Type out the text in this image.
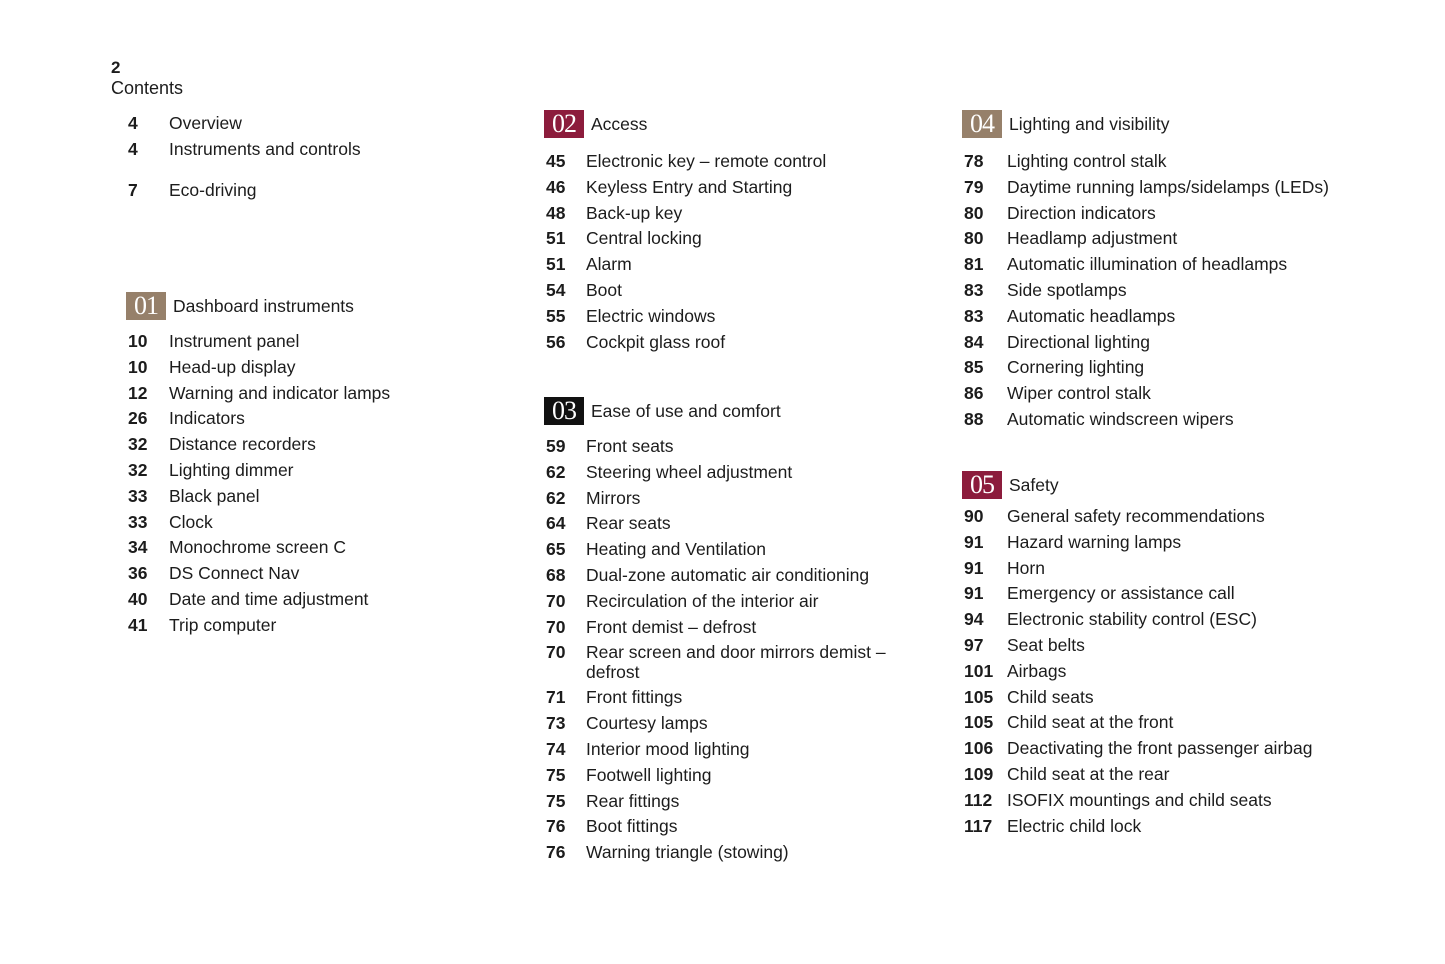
2
Contents
4	Overview
4	Instruments and controls
7	Eco-driving
01 Dashboard instruments
10	Instrument panel
10	Head-up display
12	Warning and indicator lamps
26	Indicators
32	Distance recorders
32	Lighting dimmer
33	Black panel
33	Clock
34	Monochrome screen C
36	DS Connect Nav
40	Date and time adjustment
41	Trip computer
02 Access
45	Electronic key – remote control
46	Keyless Entry and Starting
48	Back-up key
51	Central locking
51	Alarm
54	Boot
55	Electric windows
56	Cockpit glass roof
03 Ease of use and comfort
59	Front seats
62	Steering wheel adjustment
62	Mirrors
64	Rear seats
65	Heating and Ventilation
68	Dual-zone automatic air conditioning
70	Recirculation of the interior air
70	Front demist – defrost
70	Rear screen and door mirrors demist – defrost
71	Front fittings
73	Courtesy lamps
74	Interior mood lighting
75	Footwell lighting
75	Rear fittings
76	Boot fittings
76	Warning triangle (stowing)
04 Lighting and visibility
78	Lighting control stalk
79	Daytime running lamps/sidelamps (LEDs)
80	Direction indicators
80	Headlamp adjustment
81	Automatic illumination of headlamps
83	Side spotlamps
83	Automatic headlamps
84	Directional lighting
85	Cornering lighting
86	Wiper control stalk
88	Automatic windscreen wipers
05 Safety
90	General safety recommendations
91	Hazard warning lamps
91	Horn
91	Emergency or assistance call
94	Electronic stability control (ESC)
97	Seat belts
101 Airbags
105 Child seats
105 Child seat at the front
106 Deactivating the front passenger airbag
109 Child seat at the rear
112 ISOFIX mountings and child seats
117 Electric child lock
